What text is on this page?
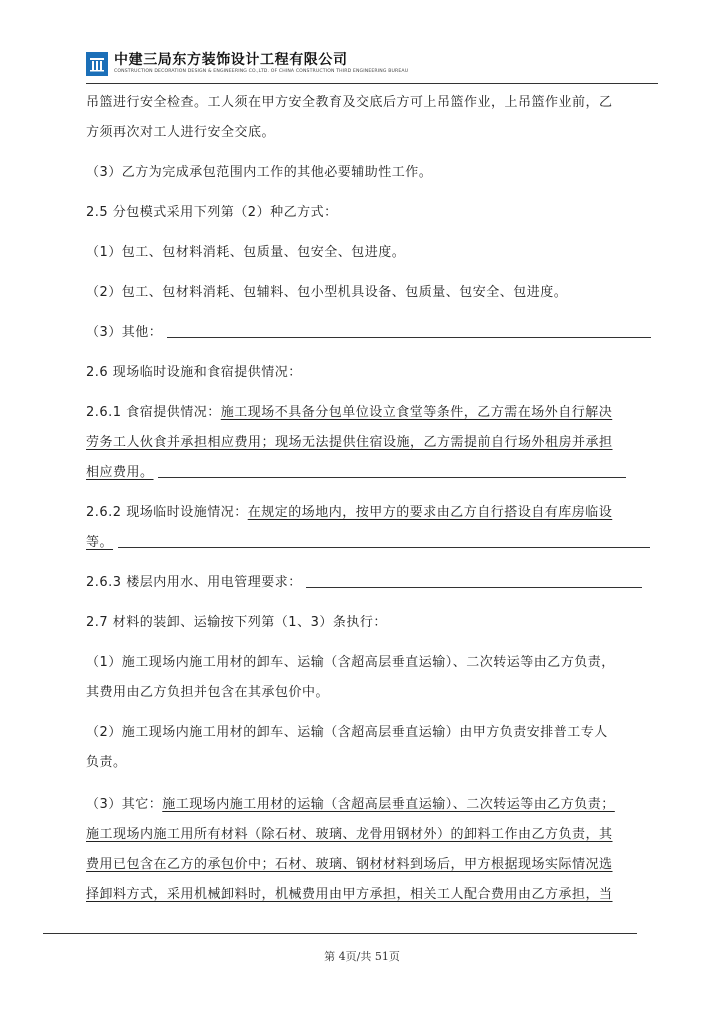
中建三局东方装饰设计工程有限公司
CONSTRUCTION DECORATION DESIGN & ENGINEERING CO.,LTD. OF CHINA CONSTRUCTION THIRD ENGINEERING BUREAU
吊篮进行安全检查。工人须在甲方安全教育及交底后方可上吊篮作业，上吊篮作业前，乙
方须再次对工人进行安全交底。
（3）乙方为完成承包范围内工作的其他必要辅助性工作。
2.5 分包模式采用下列第（2）种乙方式：
（1）包工、包材料消耗、包质量、包安全、包进度。
（2）包工、包材料消耗、包辅料、包小型机具设备、包质量、包安全、包进度。
（3）其他：
2.6 现场临时设施和食宿提供情况：
2.6.1 食宿提供情况：施工现场不具备分包单位设立食堂等条件，乙方需在场外自行解决
劳务工人伙食并承担相应费用；现场无法提供住宿设施，乙方需提前自行场外租房并承担
相应费用。
2.6.2 现场临时设施情况：在规定的场地内，按甲方的要求由乙方自行搭设自有库房临设
等。
2.6.3 楼层内用水、用电管理要求：
2.7 材料的装卸、运输按下列第（1、3）条执行：
（1）施工现场内施工用材的卸车、运输（含超高层垂直运输）、二次转运等由乙方负责，
其费用由乙方负担并包含在其承包价中。
（2）施工现场内施工用材的卸车、运输（含超高层垂直运输）由甲方负责安排普工专人
负责。
（3）其它：施工现场内施工用材的运输（含超高层垂直运输）、二次转运等由乙方负责；
施工现场内施工用所有材料（除石材、玻璃、龙骨用钢材外）的卸料工作由乙方负责，其
费用已包含在乙方的承包价中；石材、玻璃、钢材材料到场后，甲方根据现场实际情况选
择卸料方式，采用机械卸料时，机械费用由甲方承担，相关工人配合费用由乙方承担，当
第 4页/共 51页
